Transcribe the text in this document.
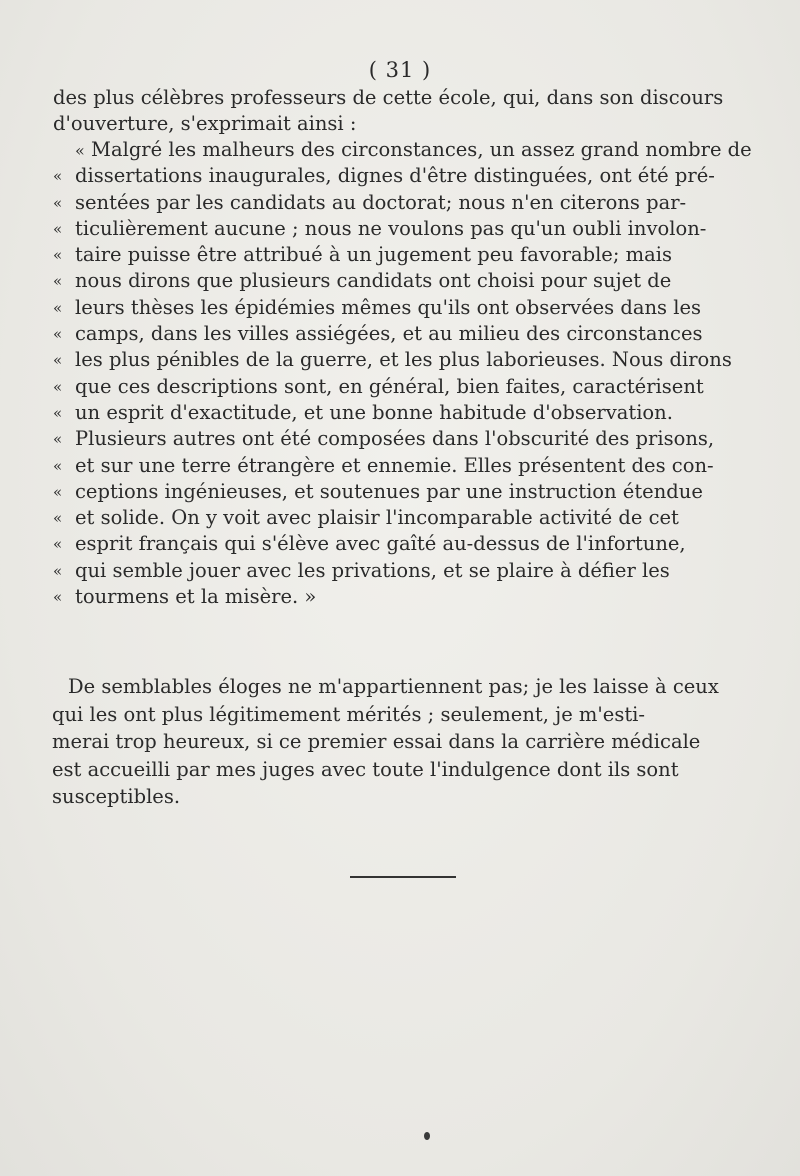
( 31 )
des plus célèbres professeurs de cette école, qui, dans son discours
d'ouverture, s'exprimait ainsi :
« Malgré les malheurs des circonstances, un assez grand nombre de
« dissertations inaugurales, dignes d'être distinguées, ont été pré-
« sentées par les candidats au doctorat; nous n'en citerons par-
« ticulièrement aucune ; nous ne voulons pas qu'un oubli involon-
« taire puisse être attribué à un jugement peu favorable; mais
« nous dirons que plusieurs candidats ont choisi pour sujet de
« leurs thèses les épidémies mêmes qu'ils ont observées dans les
« camps, dans les villes assiégées, et au milieu des circonstances
« les plus pénibles de la guerre, et les plus laborieuses. Nous dirons
« que ces descriptions sont, en général, bien faites, caractérisent
« un esprit d'exactitude, et une bonne habitude d'observation.
« Plusieurs autres ont été composées dans l'obscurité des prisons,
« et sur une terre étrangère et ennemie. Elles présentent des con-
« ceptions ingénieuses, et soutenues par une instruction étendue
« et solide. On y voit avec plaisir l'incomparable activité de cet
« esprit français qui s'élève avec gaîté au-dessus de l'infortune,
« qui semble jouer avec les privations, et se plaire à défier les
« tourmens et la misère. »
De semblables éloges ne m'appartiennent pas; je les laisse à ceux
qui les ont plus légitimement mérités ; seulement, je m'esti-
merai trop heureux, si ce premier essai dans la carrière médicale
est accueilli par mes juges avec toute l'indulgence dont ils sont
susceptibles.
